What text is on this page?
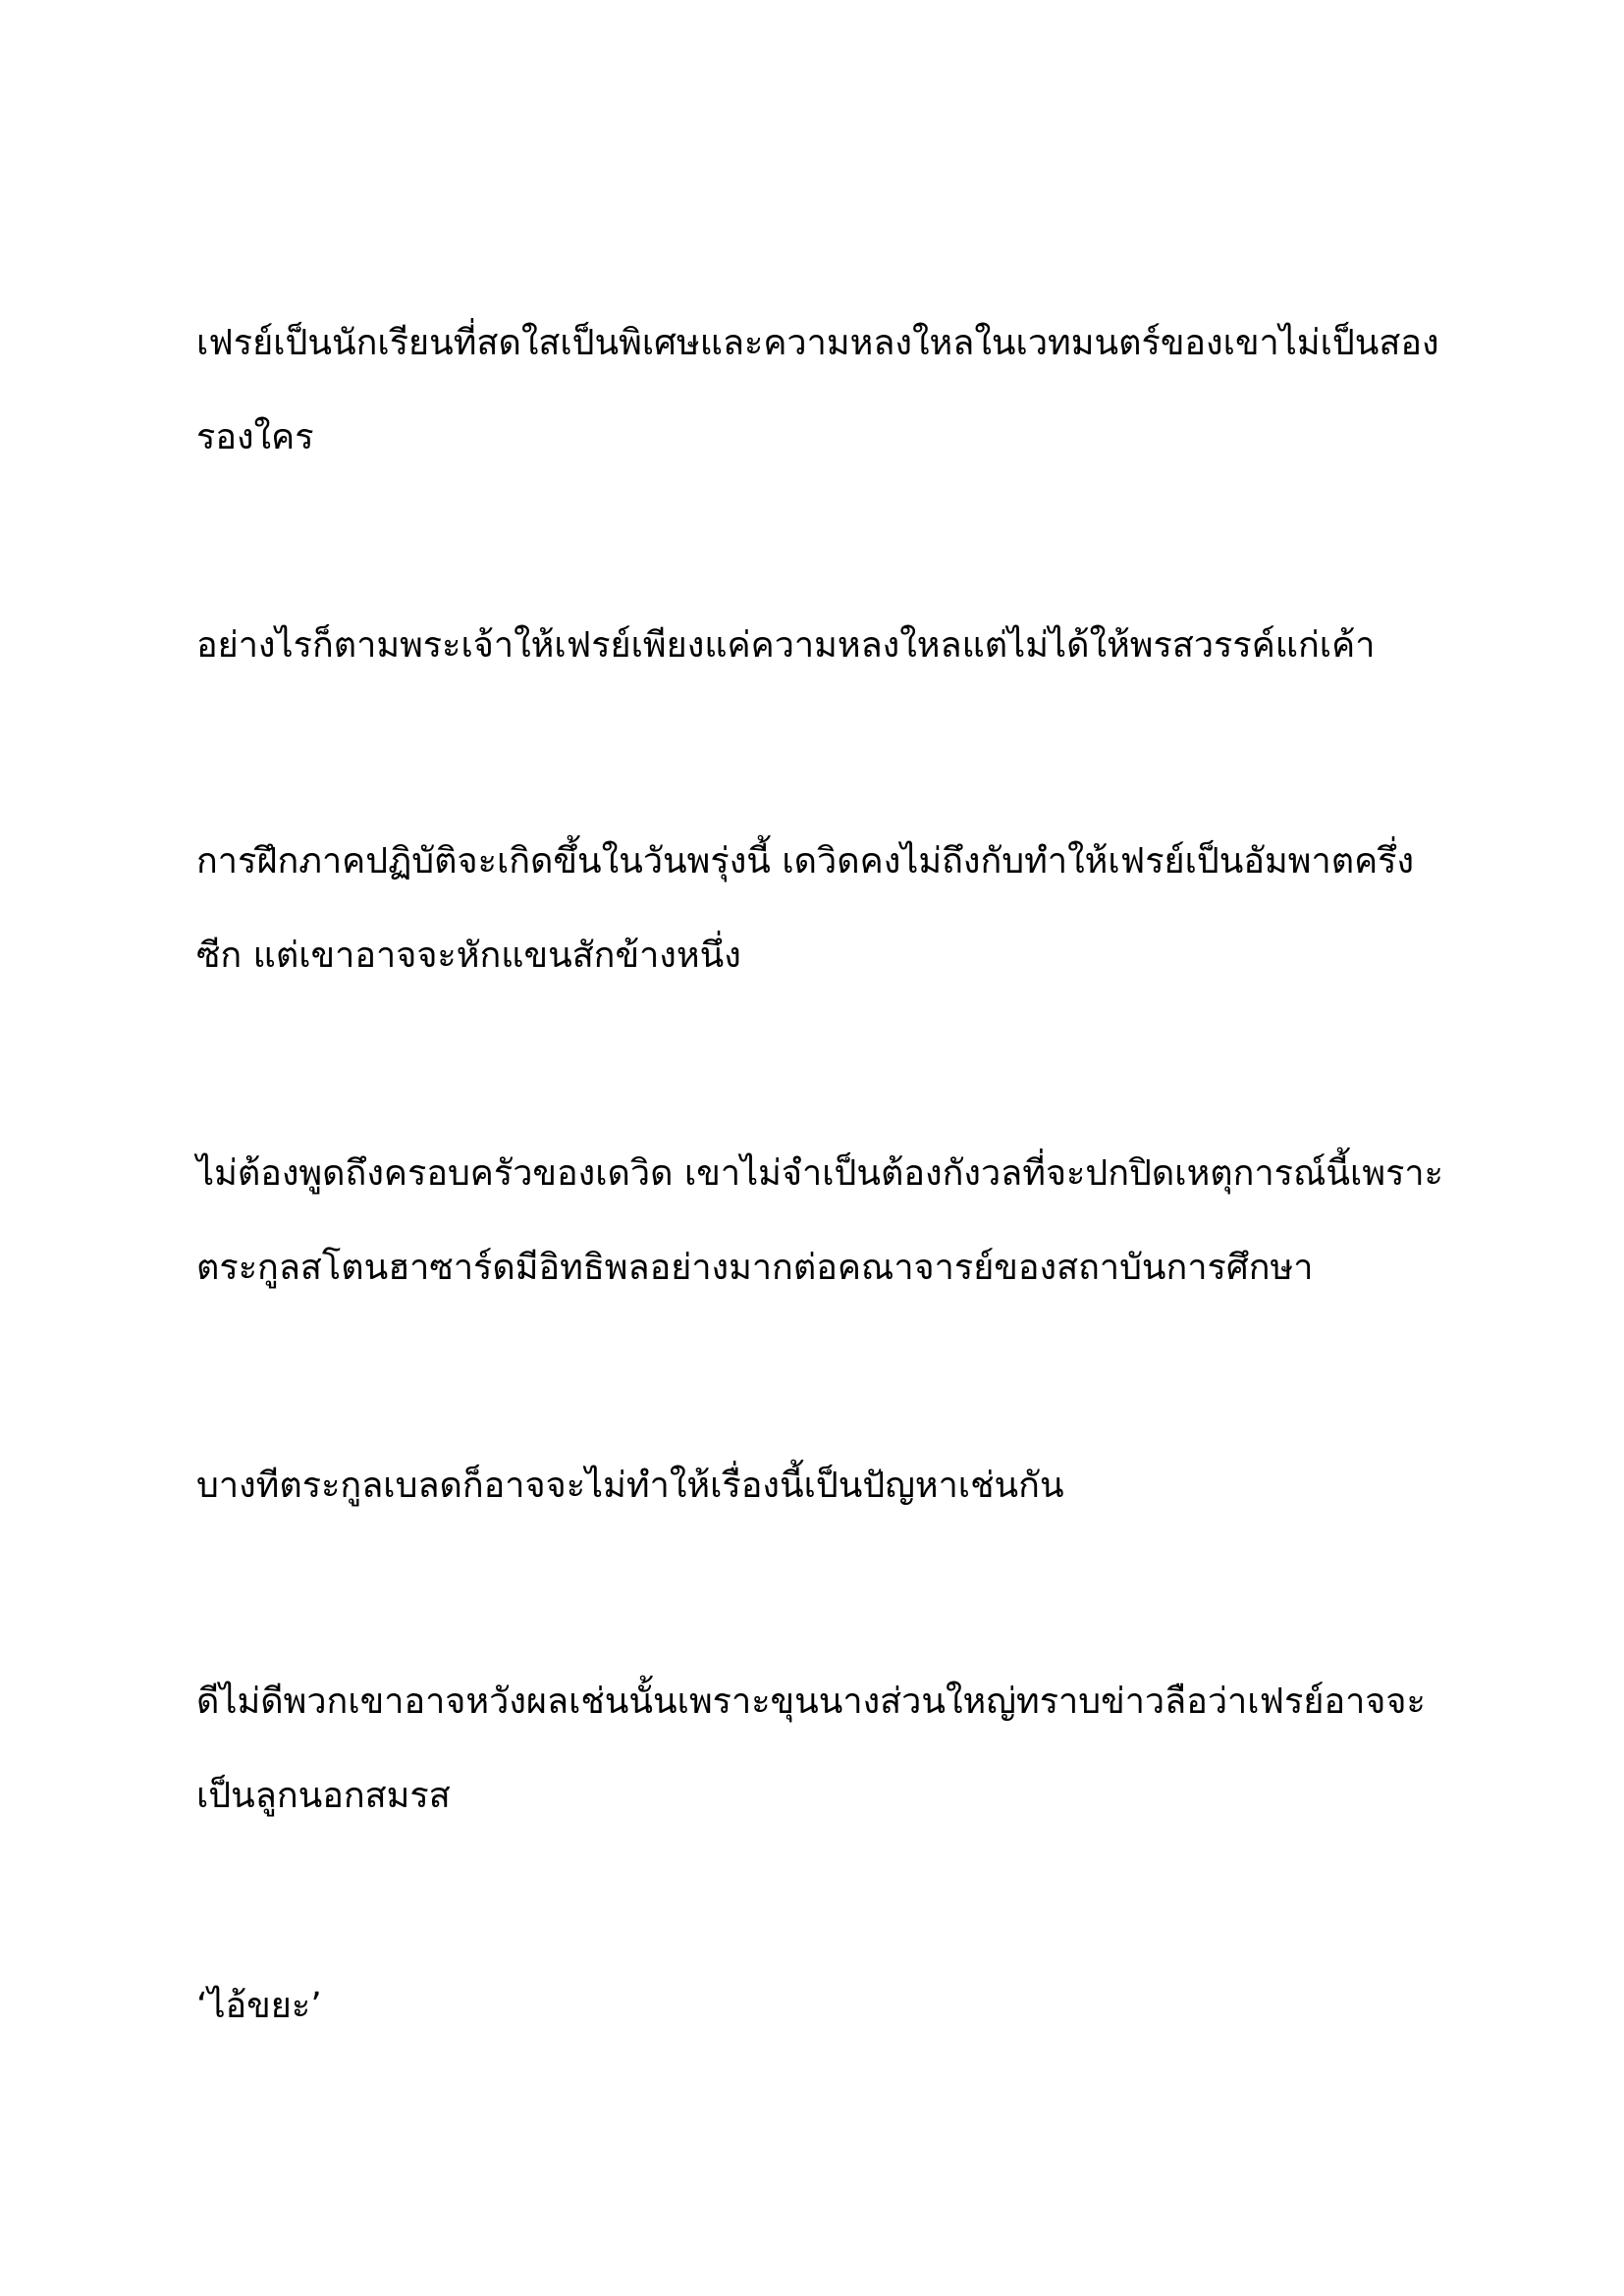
เฟรย์เป็นนักเรียนที่สดใสเป็นพิเศษและความหลงใหลในเวทมนตร์ของเขาไม่เป็นสอง
รองใคร

อย่างไรก็ตามพระเจ้าให้เฟรย์เพียงแค่ความหลงใหลแต่ไม่ได้ให้พรสวรรค์แก่เค้า

การฝึกภาคปฏิบัติจะเกิดขึ้นในวันพรุ่งนี้ เดวิดคงไม่ถึงกับทำให้เฟรย์เป็นอัมพาตครึ่ง
ซีก แต่เขาอาจจะหักแขนสักข้างหนึ่ง

ไม่ต้องพูดถึงครอบครัวของเดวิด เขาไม่จำเป็นต้องกังวลที่จะปกปิดเหตุการณ์นี้เพราะ
ตระกูลสโตนฮาซาร์ดมีอิทธิพลอย่างมากต่อคณาจารย์ของสถาบันการศึกษา

บางทีตระกูลเบลดก็อาจจะไม่ทำให้เรื่องนี้เป็นปัญหาเช่นกัน

ดีไม่ดีพวกเขาอาจหวังผลเช่นนั้นเพราะขุนนางส่วนใหญ่ทราบข่าวลือว่าเฟรย์อาจจะ
เป็นลูกนอกสมรส

‘ไอ้ขยะ’
